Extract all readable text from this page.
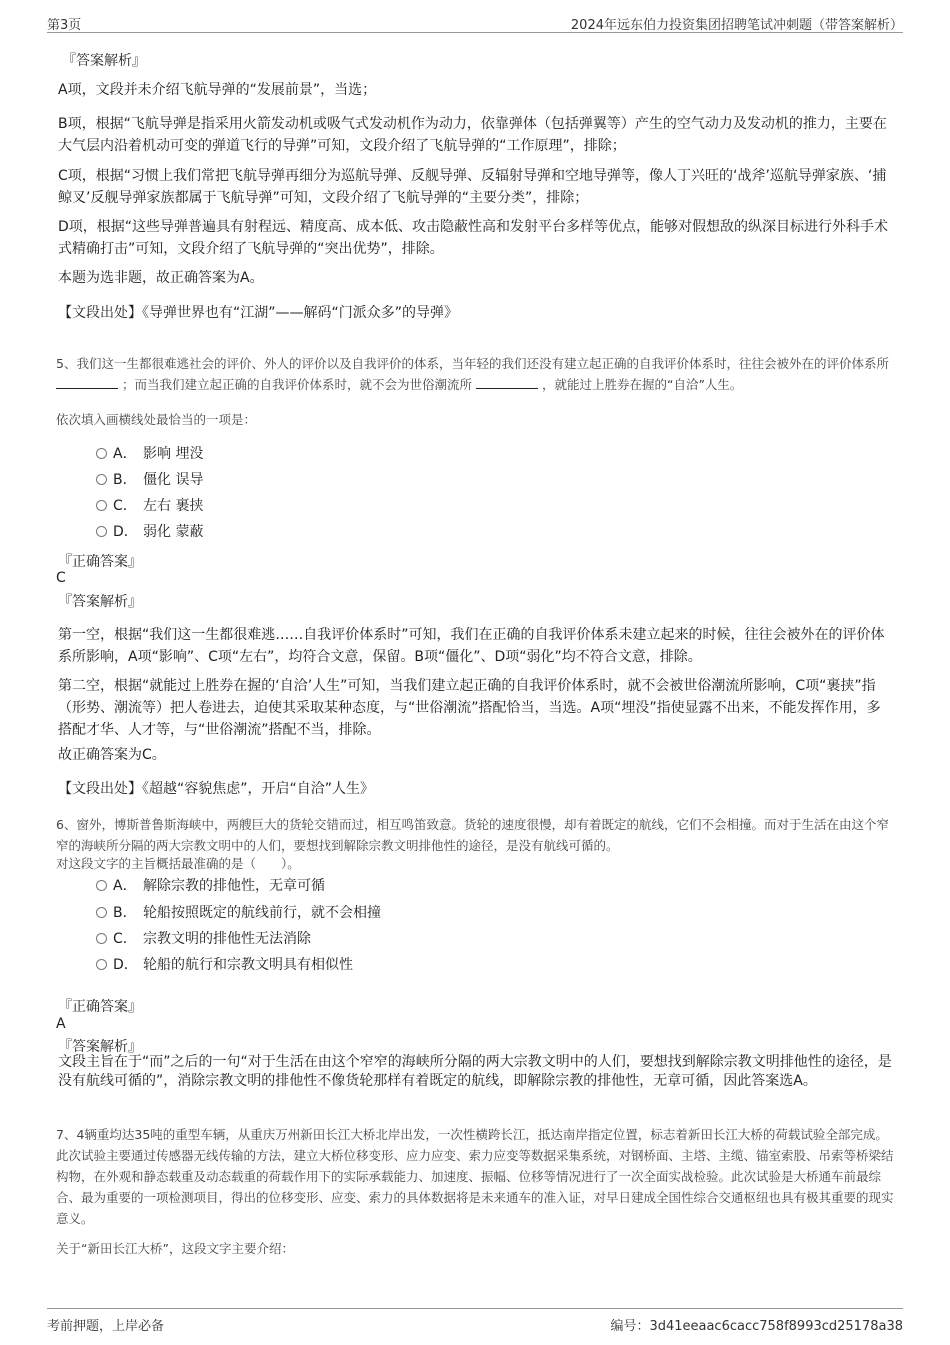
第3页	2024年远东伯力投资集团招聘笔试冲刺题（带答案解析）
『答案解析』

A项，文段并未介绍飞航导弹的“发展前景”，当选；

B项，根据“飞航导弹是指采用火箭发动机或吸气式发动机作为动力，依靠弹体（包括弹翼等）产生的空气动力及发动机的推力，主要在大气层内沿着机动可变的弹道飞行的导弹”可知，文段介绍了飞航导弹的“工作原理”，排除；

C项，根据“习惯上我们常把飞航导弹再细分为巡航导弹、反舰导弹、反辐射导弹和空地导弹等，像人丁兴旺的‘战斧’巡航导弹家族、‘捕鲸叉’反舰导弹家族都属于飞航导弹”可知，文段介绍了飞航导弹的“主要分类”，排除；

D项，根据“这些导弹普遍具有射程远、精度高、成本低、攻击隐蔽性高和发射平台多样等优点，能够对假想敌的纵深目标进行外科手术式精确打击”可知，文段介绍了飞航导弹的“突出优势”，排除。

本题为选非题，故正确答案为A。

【文段出处】《导弹世界也有“江湖”——解码“门派众多”的导弹》

5、我们这一生都很难逃社会的评价、外人的评价以及自我评价的体系，当年轻的我们还没有建立起正确的自我评价体系时，往往会被外在的评价体系所  ；而当我们建立起正确的自我评价体系时，就不会为世俗潮流所	，就能过上胜券在握的“自洽”人生。

依次填入画横线处最恰当的一项是：
A． 影响 埋没
B． 僵化 误导
C． 左右 裹挟
D． 弱化 蒙蔽
『正确答案』
C
『答案解析』

第一空，根据“我们这一生都很难逃……自我评价体系时”可知，我们在正确的自我评价体系未建立起来的时候，往往会被外在的评价体系所影响，A项“影响”、C项“左右”，均符合文意，保留。B项“僵化”、D项“弱化”均不符合文意，排除。

第二空，根据“就能过上胜券在握的‘自洽’人生”可知，当我们建立起正确的自我评价体系时，就不会被世俗潮流所影响，C项“裹挟”指（形势、潮流等）把人卷进去，迫使其采取某种态度，与“世俗潮流”搭配恰当，当选。A项“埋没”指使显露不出来，不能发挥作用，多搭配才华、人才等，与“世俗潮流”搭配不当，排除。

故正确答案为C。

【文段出处】《超越“容貌焦虑”，开启“自洽”人生》

6、窗外，博斯普鲁斯海峡中，两艘巨大的货轮交错而过，相互鸣笛致意。货轮的速度很慢，却有着既定的航线，它们不会相撞。而对于生活在由这个窄窄的海峡所分隔的两大宗教文明中的人们，要想找到解除宗教文明排他性的途径，是没有航线可循的。

对这段文字的主旨概括最准确的是（　　）。
A． 解除宗教的排他性，无章可循
B． 轮船按照既定的航线前行，就不会相撞
C． 宗教文明的排他性无法消除
D． 轮船的航行和宗教文明具有相似性
『正确答案』
A
『答案解析』

文段主旨在于“而”之后的一句“对于生活在由这个窄窄的海峡所分隔的两大宗教文明中的人们，要想找到解除宗教文明排他性的途径，是没有航线可循的”，消除宗教文明的排他性不像货轮那样有着既定的航线，即解除宗教的排他性，无章可循，因此答案选A。

7、4辆重均达35吨的重型车辆，从重庆万州新田长江大桥北岸出发，一次性横跨长江，抵达南岸指定位置，标志着新田长江大桥的荷载试验全部完成。此次试验主要通过传感器无线传输的方法，建立大桥位移变形、应力应变、索力应变等数据采集系统，对钢桥面、主塔、主缆、锚室索股、吊索等桥梁结构物，在外观和静态载重及动态载重的荷载作用下的实际承载能力、加速度、振幅、位移等情况进行了一次全面实战检验。此次试验是大桥通车前最综合、最为重要的一项检测项目，得出的位移变形、应变、索力的具体数据将是未来通车的准入证，对早日建成全国性综合交通枢纽也具有极其重要的现实意义。

关于“新田长江大桥”，这段文字主要介绍：
考前押题，上岸必备	编号：3d41eeaac6cacc758f8993cd25178a38
